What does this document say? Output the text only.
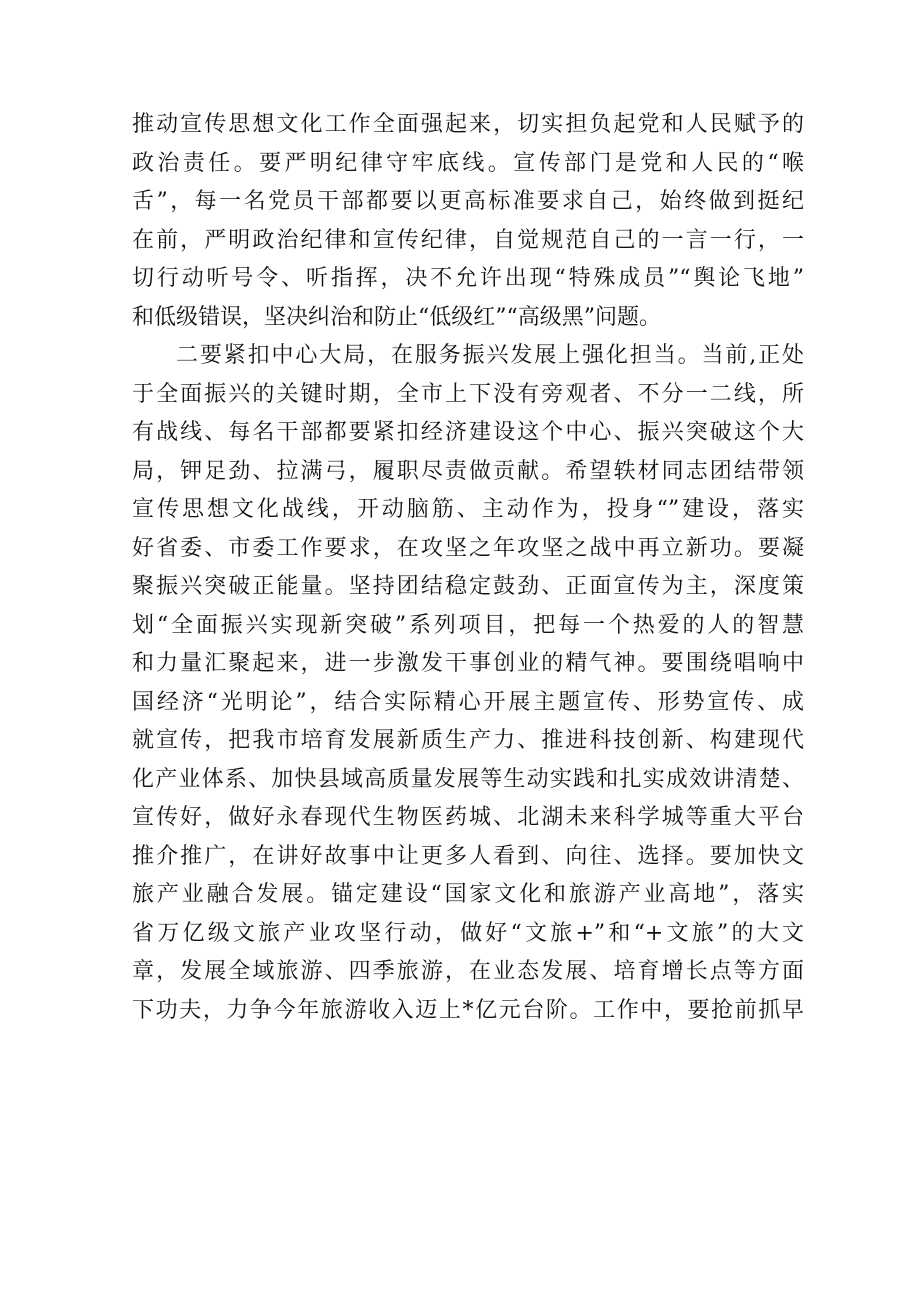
推动宣传思想文化工作全面强起来，切实担负起党和人民赋予的
政治责任。要严明纪律守牢底线。宣传部门是党和人民的“喉
舌”，每一名党员干部都要以更高标准要求自己，始终做到挺纪
在前，严明政治纪律和宣传纪律，自觉规范自己的一言一行，一
切行动听号令、听指挥，决不允许出现“特殊成员”“舆论飞地”
和低级错误，坚决纠治和防止“低级红”“高级黑”问题。
二要紧扣中心大局，在服务振兴发展上强化担当。当前,正处
于全面振兴的关键时期，全市上下没有旁观者、不分一二线，所
有战线、每名干部都要紧扣经济建设这个中心、振兴突破这个大
局，钾足劲、拉满弓，履职尽责做贡献。希望轶材同志团结带领
宣传思想文化战线，开动脑筋、主动作为，投身“”建设，落实
好省委、市委工作要求，在攻坚之年攻坚之战中再立新功。要凝
聚振兴突破正能量。坚持团结稳定鼓劲、正面宣传为主，深度策
划“全面振兴实现新突破”系列项目，把每一个热爱的人的智慧
和力量汇聚起来，进一步激发干事创业的精气神。要围绕唱响中
国经济“光明论”，结合实际精心开展主题宣传、形势宣传、成
就宣传，把我市培育发展新质生产力、推进科技创新、构建现代
化产业体系、加快县域高质量发展等生动实践和扎实成效讲清楚、
宣传好，做好永春现代生物医药城、北湖未来科学城等重大平台
推介推广，在讲好故事中让更多人看到、向往、选择。要加快文
旅产业融合发展。锚定建设“国家文化和旅游产业高地”，落实
省万亿级文旅产业攻坚行动，做好“文旅+”和“+文旅”的大文
章，发展全域旅游、四季旅游，在业态发展、培育增长点等方面
下功夫，力争今年旅游收入迈上*亿元台阶。工作中，要抢前抓早
